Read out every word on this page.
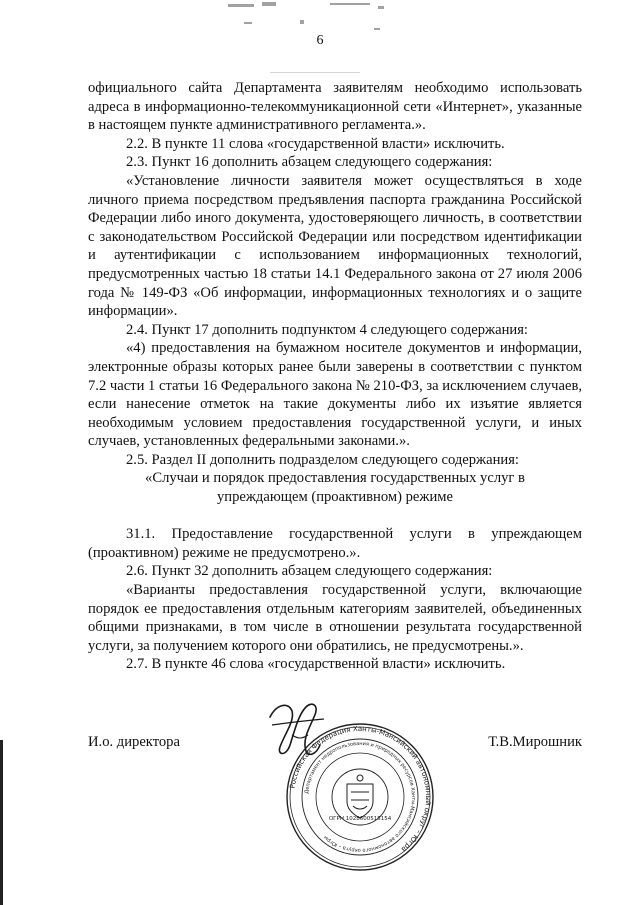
6

официального сайта Департамента заявителям необходимо использовать адреса в информационно-телекоммуникационной сети «Интернет», указанные в настоящем пункте административного регламента.».

2.2. В пункте 11 слова «государственной власти» исключить.

2.3. Пункт 16 дополнить абзацем следующего содержания:

«Установление личности заявителя может осуществляться в ходе личного приема посредством предъявления паспорта гражданина Российской Федерации либо иного документа, удостоверяющего личность, в соответствии с законодательством Российской Федерации или посредством идентификации и аутентификации с использованием информационных технологий, предусмотренных частью 18 статьи 14.1 Федерального закона от 27 июля 2006 года № 149-ФЗ «Об информации, информационных технологиях и о защите информации».

2.4. Пункт 17 дополнить подпунктом 4 следующего содержания:

«4) предоставления на бумажном носителе документов и информации, электронные образы которых ранее были заверены в соответствии с пунктом 7.2 части 1 статьи 16 Федерального закона № 210-ФЗ, за исключением случаев, если нанесение отметок на такие документы либо их изъятие является необходимым условием предоставления государственной услуги, и иных случаев, установленных федеральными законами.».

2.5. Раздел II дополнить подразделом следующего содержания:

«Случаи и порядок предоставления государственных услуг в упреждающем (проактивном) режиме

31.1. Предоставление государственной услуги в упреждающем (проактивном) режиме не предусмотрено.».

2.6. Пункт 32 дополнить абзацем следующего содержания:

«Варианты предоставления государственной услуги, включающие порядок ее предоставления отдельным категориям заявителей, объединенных общими признаками, в том числе в отношении результата государственной услуги, за получением которого они обратились, не предусмотрены.».

2.7. В пункте 46 слова «государственной власти» исключить.

Российская Федерация Ханты-Мансийский автономный округ – Югра
Департамент недропользования и природных ресурсов Ханты-Мансийского автономного округа – Югры
ОГРН 1028600515154
И.о. директора	Т.В.Мирошник
